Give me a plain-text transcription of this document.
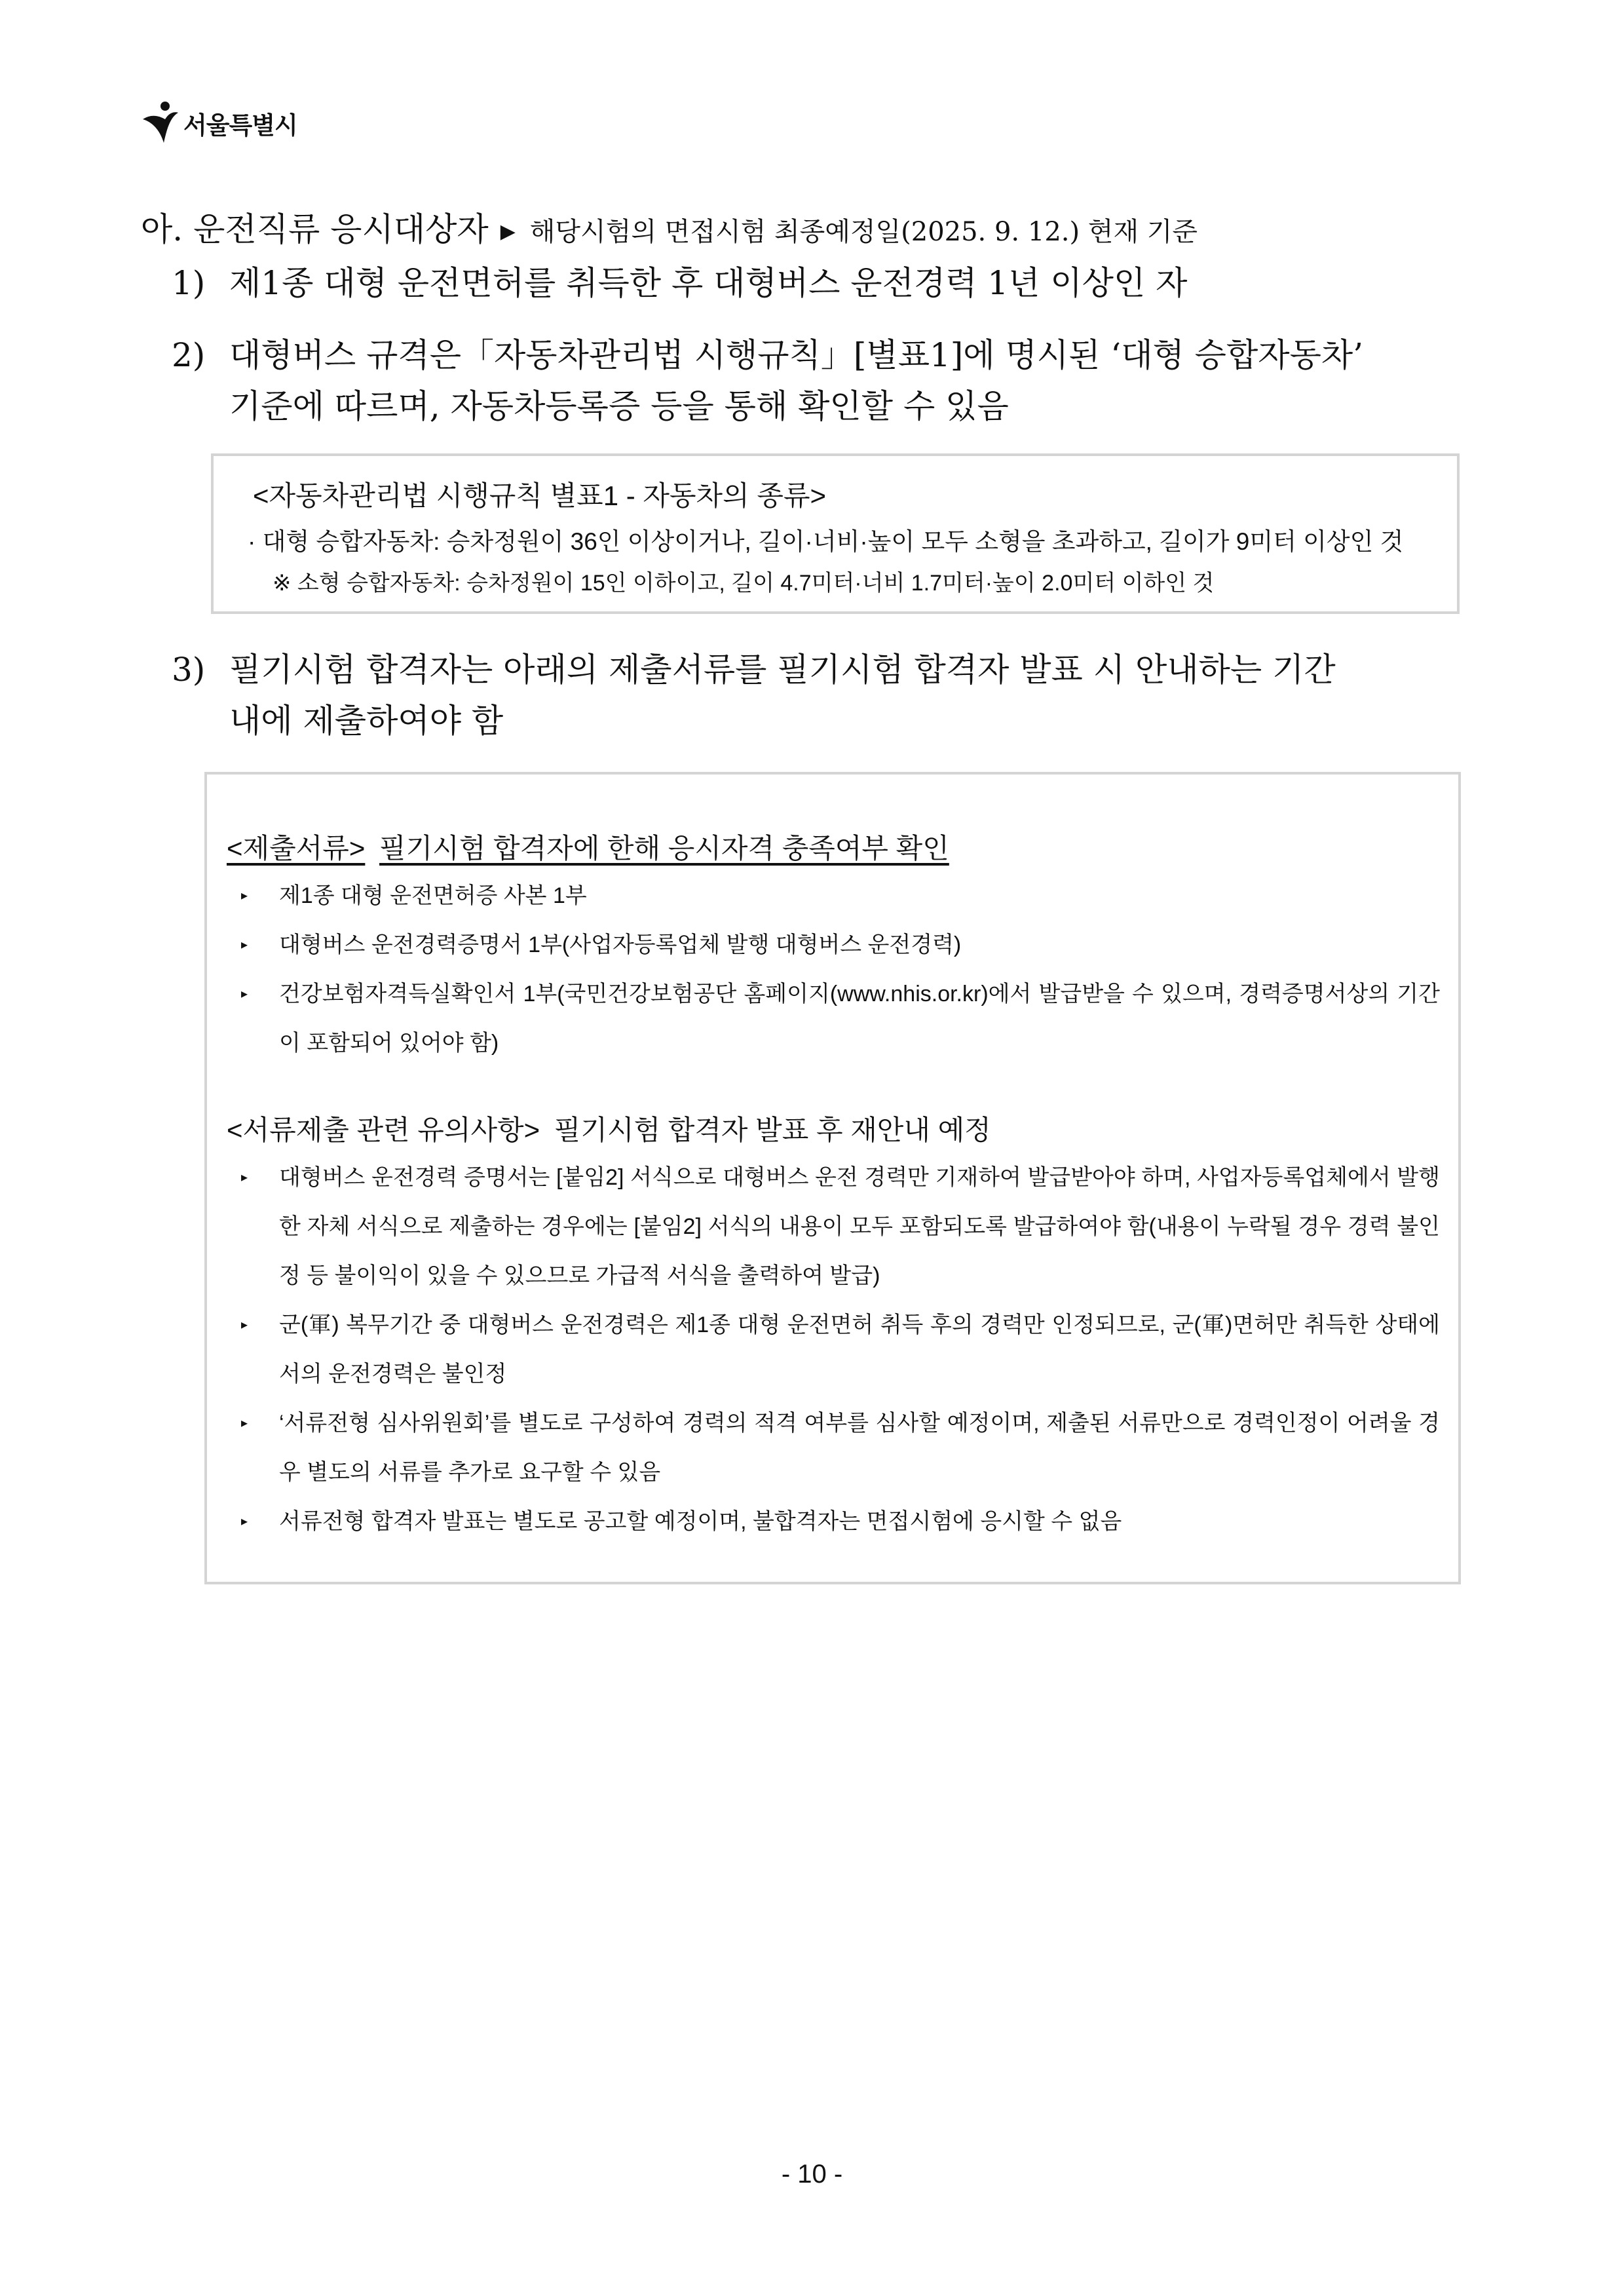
서울특별시
아. 운전직류 응시대상자 ▶ 해당시험의 면접시험 최종예정일(2025. 9. 12.) 현재 기준
1) 제1종 대형 운전면허를 취득한 후 대형버스 운전경력 1년 이상인 자
2) 대형버스 규격은「자동차관리법 시행규칙」[별표1]에 명시된 ‘대형 승합자동차’
기준에 따르며, 자동차등록증 등을 통해 확인할 수 있음
<자동차관리법 시행규칙 별표1 - 자동차의 종류>
· 대형 승합자동차: 승차정원이 36인 이상이거나, 길이·너비·높이 모두 소형을 초과하고, 길이가 9미터 이상인 것
※ 소형 승합자동차: 승차정원이 15인 이하이고, 길이 4.7미터·너비 1.7미터·높이 2.0미터 이하인 것
3) 필기시험 합격자는 아래의 제출서류를 필기시험 합격자 발표 시 안내하는 기간
내에 제출하여야 함
<제출서류> 필기시험 합격자에 한해 응시자격 충족여부 확인
▸ 제1종 대형 운전면허증 사본 1부
▸ 대형버스 운전경력증명서 1부(사업자등록업체 발행 대형버스 운전경력)
▸ 건강보험자격득실확인서 1부(국민건강보험공단 홈페이지(www.nhis.or.kr)에서 발급받을 수 있으며, 경력증명서상의 기간이 포함되어 있어야 함)
<서류제출 관련 유의사항> 필기시험 합격자 발표 후 재안내 예정
▸ 대형버스 운전경력 증명서는 [붙임2] 서식으로 대형버스 운전 경력만 기재하여 발급받아야 하며, 사업자등록업체에서 발행한 자체 서식으로 제출하는 경우에는 [붙임2] 서식의 내용이 모두 포함되도록 발급하여야 함(내용이 누락될 경우 경력 불인정 등 불이익이 있을 수 있으므로 가급적 서식을 출력하여 발급)
▸ 군(軍) 복무기간 중 대형버스 운전경력은 제1종 대형 운전면허 취득 후의 경력만 인정되므로, 군(軍)면허만 취득한 상태에서의 운전경력은 불인정
▸ ‘서류전형 심사위원회’를 별도로 구성하여 경력의 적격 여부를 심사할 예정이며, 제출된 서류만으로 경력인정이 어려울 경우 별도의 서류를 추가로 요구할 수 있음
▸ 서류전형 합격자 발표는 별도로 공고할 예정이며, 불합격자는 면접시험에 응시할 수 없음
- 10 -
